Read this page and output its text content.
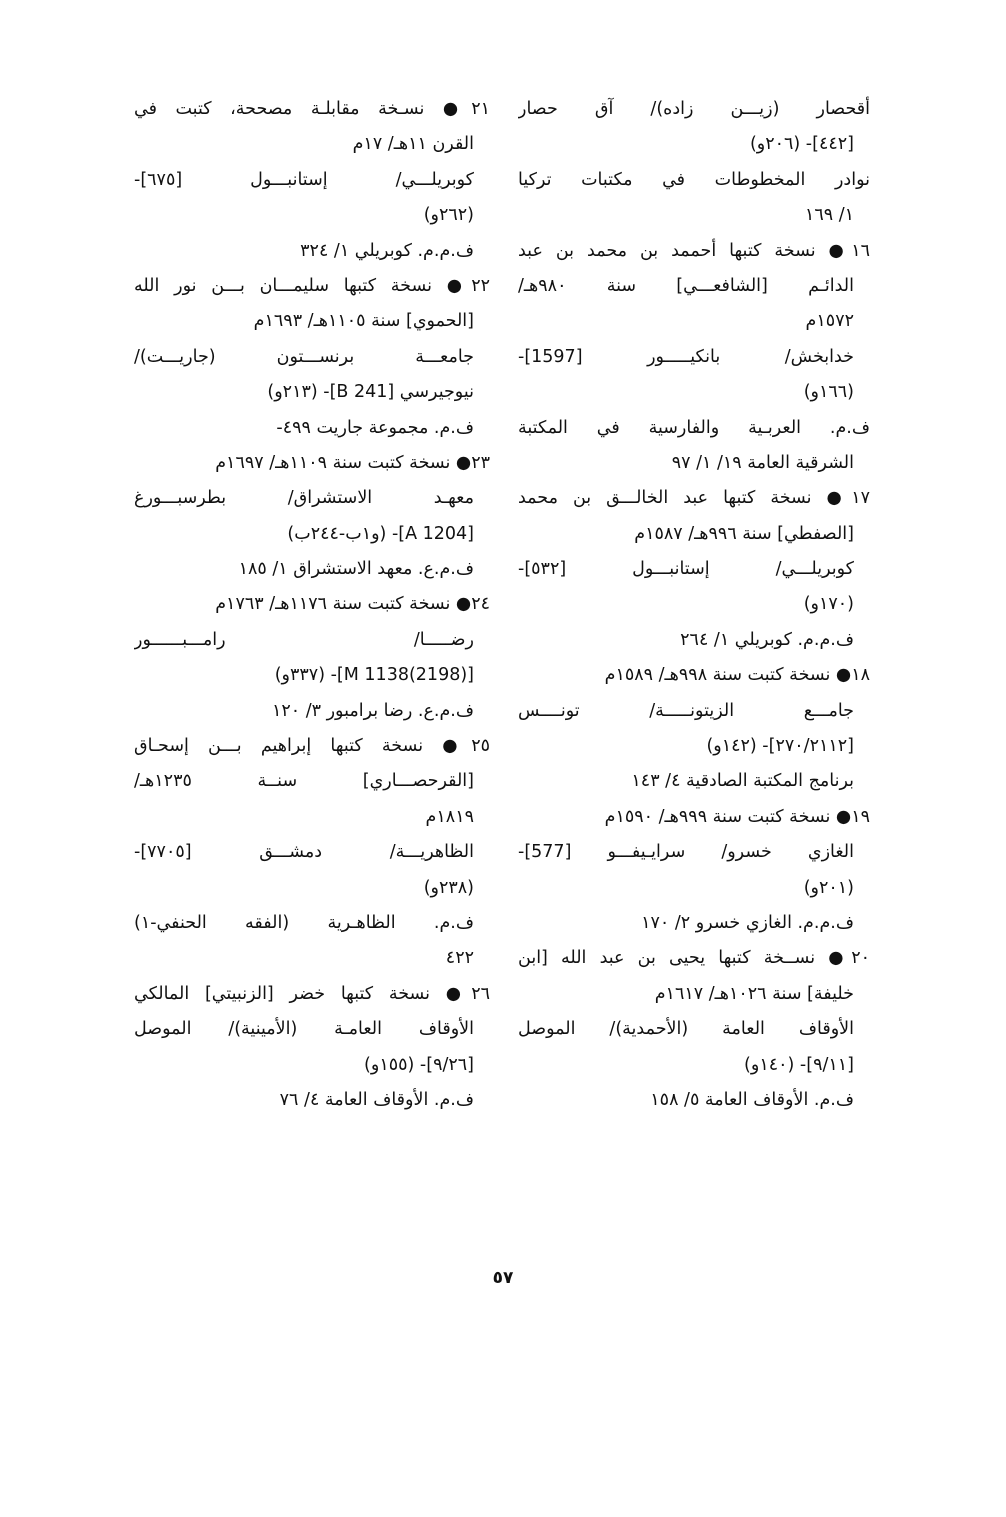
أقحصار (زيـــن زاده)/ آق حصار
[٤٤٢]- (٢٠٦و)
نوادر المخطوطات في مكتبات تركيا
١/ ١٦٩
١٦● نسخة كتبها أحممد بن محمد بن عبد
الدائـم [الشافعـــي] سنة ٩٨٠هـ/
١٥٧٢م
خدابخش/ بانكيـــــور [1597]-
(١٦٦و)
ف.م. العربـية والفارسية في المكتبة
الشرقية العامة ١٩/ ١/ ٩٧
١٧● نسخة كتبها عبد الخالـــق بن محمد
[الصفطي] سنة ٩٩٦هـ/ ١٥٨٧م
كوبريلـــي/ إستانبـــول [٥٣٢]-
(١٧٠و)
ف.م.م. كوبريلي ١/ ٢٦٤
١٨● نسخة كتبت سنة ٩٩٨هـ/ ١٥٨٩م
جامـــع الزيتونـــــة/ تونــــس
[٢٧٠/٢١١٢]- (١٤٢و)
برنامج المكتبة الصادقية ٤/ ١٤٣
١٩● نسخة كتبت سنة ٩٩٩هـ/ ١٥٩٠م
الغازي خسرو/ سرايـيفـــو [577]-
(٢٠١و)
ف.م.م. الغازي خسرو ٢/ ١٧٠
٢٠● نســخة كتبها يحيى بن عبد الله [ابن
خليفة] سنة ١٠٢٦هـ/ ١٦١٧م
الأوقاف العامة (الأحمدية)/ الموصل
[٩/١١]- (١٤٠و)
ف.م. الأوقاف العامة ٥/ ١٥٨
٢١● نسـخة مقابلـة مصححة، كتبت في
القرن ١١هـ/ ١٧م
كوبريلـــي/ إستانبـــول [٦٧٥]-
(٢٦٢و)
ف.م.م. كوبريلي ١/ ٣٢٤
٢٢● نسخة كتبها سليمـــان بـــن نور الله
[الحموي] سنة ١١٠٥هـ/ ١٦٩٣م
جامعـــة برنســـتون (جاريـــت)/
نيوجيرسي [B 241]- (٢١٣و)
ف.م. مجموعة جاريت ٤٩٩-
٢٣● نسخة كتبت سنة ١١٠٩هـ/ ١٦٩٧م
معهـد الاستشراق/ بطرسبـــورغ
[A 1204]- (و١ب-٢٤٤ب)
ف.م.ع. معهد الاستشراق ١/ ١٨٥
٢٤● نسخة كتبت سنة ١١٧٦هـ/ ١٧٦٣م
رضـــــا/ رامـــبــــــور
[(2198)1138 M]- (٣٣٧و)
ف.م.ع. رضا برامبور ٣/ ١٢٠
٢٥● نسخة كتبها إبراهيم بـــن إسحـاق
[القرحصـــاري] سنــة ١٢٣٥هـ/
١٨١٩م
الظاهريـــة/ دمشـــق [٧٧٠٥]-
(٢٣٨و)
ف.م. الظاهـرية (الفقه الحنفي-١)
٤٢٢
٢٦● نسخة كتبها خضر [الزنبيتي] المالكي
الأوقاف العامـة (الأمينية)/ الموصل
[٩/٢٦]- (١٥٥و)
ف.م. الأوقاف العامة ٤/ ٧٦
٥٧
